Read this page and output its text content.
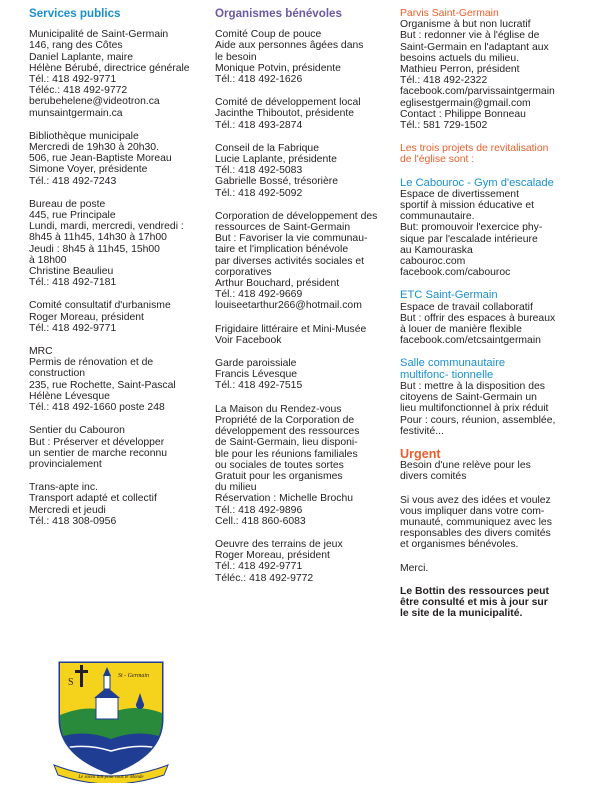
Services publics
Municipalité de Saint-Germain
146, rang des Côtes
Daniel Laplante, maire
Hélène Bérubé, directrice générale
Tél.: 418 492-9771
Téléc.: 418 492-9772
berubehelene@videotron.ca
munsaintgermain.ca
Bibliothèque municipale
Mercredi de 19h30 à 20h30.
506, rue Jean-Baptiste Moreau
Simone Voyer, présidente
Tél.: 418 492-7243
Bureau de poste
445, rue Principale
Lundi, mardi, mercredi, vendredi :
8h45 à 11h45, 14h30 à 17h00
Jeudi : 8h45 à 11h45, 15h00
à 18h00
Christine Beaulieu
Tél.: 418 492-7181
Comité consultatif d'urbanisme
Roger Moreau, président
Tél.: 418 492-9771
MRC
Permis de rénovation et de
construction
235, rue Rochette, Saint-Pascal
Hélène Lévesque
Tél.: 418 492-1660 poste 248
Sentier du Cabouron
But : Préserver et développer
un sentier de marche reconnu
provincialement
Trans-apte inc.
Transport adapté et collectif
Mercredi et jeudi
Tél.: 418 308-0956
Organismes bénévoles
Comité Coup de pouce
Aide aux personnes âgées dans
le besoin
Monique Potvin, présidente
Tél.: 418 492-1626
Comité de développement local
Jacinthe Thiboutot, présidente
Tél.: 418 493-2874
Conseil de la Fabrique
Lucie Laplante, présidente
Tél.: 418 492-5083
Gabrielle Bossé, trésorière
Tél.: 418 492-5092
Corporation de développement des ressources de Saint-Germain
But : Favoriser la vie communau-
taire et l'implication bénévole
par diverses activités sociales et
corporatives
Arthur Bouchard, président
Tél.: 418 492-9669
louiseetarthur266@hotmail.com
Frigidaire littéraire et Mini-Musée
Voir Facebook
Garde paroissiale
Francis Lévesque
Tél.: 418 492-7515
La Maison du Rendez-vous
Propriété de la Corporation de
développement des ressources
de Saint-Germain, lieu disponi-
ble pour les réunions familiales
ou sociales de toutes sortes
Gratuit pour les organismes
du milieu
Réservation : Michelle Brochu
Tél.: 418 492-9896
Cell.: 418 860-6083
Oeuvre des terrains de jeux
Roger Moreau, président
Tél.: 418 492-9771
Téléc.: 418 492-9772
Parvis Saint-Germain
Organisme à but non lucratif
But : redonner vie à l'église de
Saint-Germain en l'adaptant aux
besoins actuels du milieu.
Mathieu Perron, président
Tél.: 418 492-2322
facebook.com/parvissaintgermain
eglisestgermain@gmail.com
Contact : Philippe Bonneau
Tél.: 581 729-1502
Les trois projets de revitalisation
de l'église sont :
Le Cabouroc - Gym d'escalade
Espace de divertissement
sportif à mission éducative et
communautaire.
But: promouvoir l'exercice phy-
sique par l'escalade intérieure
au Kamouraska
cabouroc.com
facebook.com/cabouroc
ETC Saint-Germain
Espace de travail collaboratif
But : offrir des espaces à bureaux
à louer de manière flexible
facebook.com/etcsaintgermain
Salle communautaire multifonc- tionnelle
But : mettre à la disposition des
citoyens de Saint-Germain un
lieu multifonctionnel à prix réduit
Pour : cours, réunion, assemblée,
festivité...
Urgent
Besoin d'une relève pour les
divers comités
Si vous avez des idées et voulez
vous impliquer dans votre com-
munauté, communiquez avec les
responsables des divers comités
et organismes bénévoles.
Merci.
Le Bottin des ressources peut
être consulté et mis à jour sur
le site de la municipalité.
S
St - Germain
Le soleil luit pour tous le Monde
